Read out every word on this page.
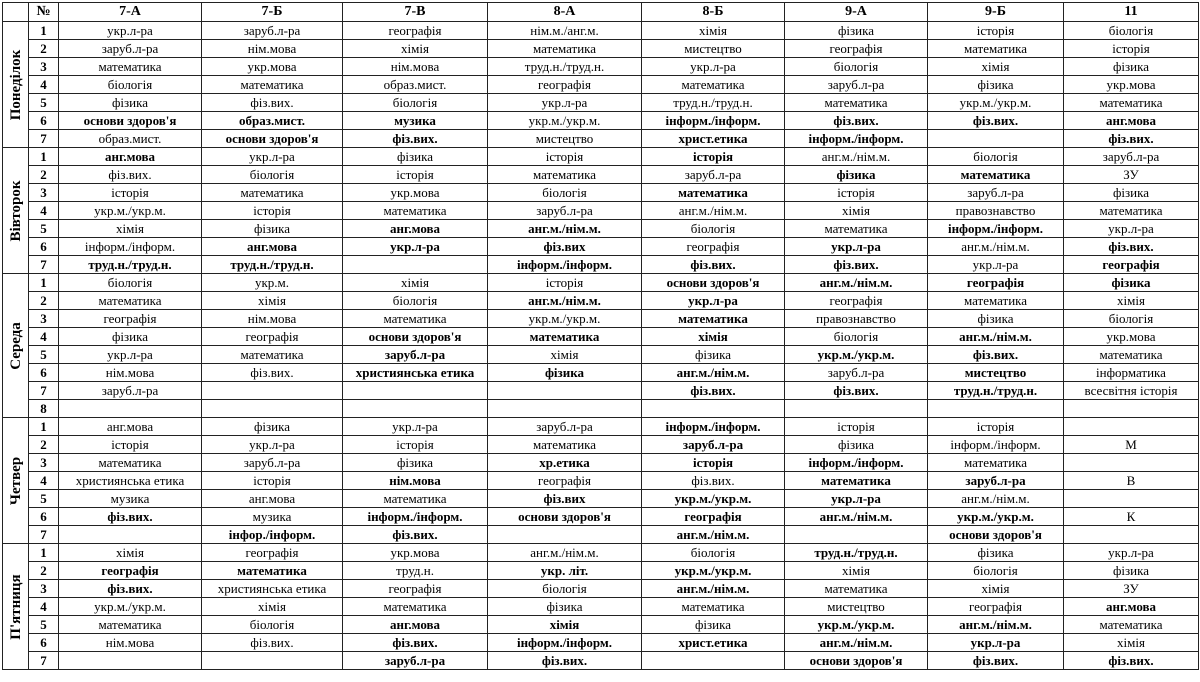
	№	7-А	7-Б	7-В	8-А	8-Б	9-А	9-Б	11

Понеділок	1	укр.л-ра	заруб.л-ра	географія	нім.м./анг.м.	хімія	фізика	історія	біологія
	2	заруб.л-ра	нім.мова	хімія	математика	мистецтво	географія	математика	історія
	3	математика	укр.мова	нім.мова	труд.н./труд.н.	укр.л-ра	біологія	хімія	фізика
	4	біологія	математика	образ.мист.	географія	математика	заруб.л-ра	фізика	укр.мова
	5	фізика	фіз.вих.	біологія	укр.л-ра	труд.н./труд.н.	математика	укр.м./укр.м.	математика
	6	основи здоров'я	образ.мист.	музика	укр.м./укр.м.	інформ./інформ.	фіз.вих.	фіз.вих.	анг.мова
	7	образ.мист.	основи здоров'я	фіз.вих.	мистецтво	христ.етика	інформ./інформ.		фіз.вих.

Вівторок	1	анг.мова	укр.л-ра	фізика	історія	історія	анг.м./нім.м.	біологія	заруб.л-ра
	2	фіз.вих.	біологія	історія	математика	заруб.л-ра	фізика	математика	ЗУ
	3	історія	математика	укр.мова	біологія	математика	історія	заруб.л-ра	фізика
	4	укр.м./укр.м.	історія	математика	заруб.л-ра	анг.м./нім.м.	хімія	правознавство	математика
	5	хімія	фізика	анг.мова	анг.м./нім.м.	біологія	математика	інформ./інформ.	укр.л-ра
	6	інформ./інформ.	анг.мова	укр.л-ра	фіз.вих	географія	укр.л-ра	анг.м./нім.м.	фіз.вих.
	7	труд.н./труд.н.	труд.н./труд.н.		інформ./інформ.	фіз.вих.	фіз.вих.	укр.л-ра	географія

Середа	1	біологія	укр.м.	хімія	історія	основи здоров'я	анг.м./нім.м.	географія	фізика
	2	математика	хімія	біологія	анг.м./нім.м.	укр.л-ра	географія	математика	хімія
	3	географія	нім.мова	математика	укр.м./укр.м.	математика	правознавство	фізика	біологія
	4	фізика	географія	основи здоров'я	математика	хімія	біологія	анг.м./нім.м.	укр.мова
	5	укр.л-ра	математика	заруб.л-ра	хімія	фізика	укр.м./укр.м.	фіз.вих.	математика
	6	нім.мова	фіз.вих.	християнська етика	фізика	анг.м./нім.м.	заруб.л-ра	мистецтво	інформатика
	7	заруб.л-ра				фіз.вих.	фіз.вих.	труд.н./труд.н.	всесвітня історія
	8								

Четвер	1	анг.мова	фізика	укр.л-ра	заруб.л-ра	інформ./інформ.	історія	історія	
	2	історія	укр.л-ра	історія	математика	заруб.л-ра	фізика	інформ./інформ.	М
	3	математика	заруб.л-ра	фізика	хр.етика	історія	інформ./інформ.	математика	
	4	християнська етика	історія	нім.мова	географія	фіз.вих.	математика	заруб.л-ра	В
	5	музика	анг.мова	математика	фіз.вих	укр.м./укр.м.	укр.л-ра	анг.м./нім.м.	
	6	фіз.вих.	музика	інформ./інформ.	основи здоров'я	географія	анг.м./нім.м.	укр.м./укр.м.	К
	7		інфор./інформ.	фіз.вих.		анг.м./нім.м.		основи здоров'я	

П'ятниця	1	хімія	географія	укр.мова	анг.м./нім.м.	біологія	труд.н./труд.н.	фізика	укр.л-ра
	2	географія	математика	труд.н.	укр. літ.	укр.м./укр.м.	хімія	біологія	фізика
	3	фіз.вих.	християнська етика	географія	біологія	анг.м./нім.м.	математика	хімія	ЗУ
	4	укр.м./укр.м.	хімія	математика	фізика	математика	мистецтво	географія	анг.мова
	5	математика	біологія	анг.мова	хімія	фізика	укр.м./укр.м.	анг.м./нім.м.	математика
	6	нім.мова	фіз.вих.	фіз.вих.	інформ./інформ.	христ.етика	анг.м./нім.м.	укр.л-ра	хімія
	7			заруб.л-ра	фіз.вих.		основи здоров'я	фіз.вих.	фіз.вих.
